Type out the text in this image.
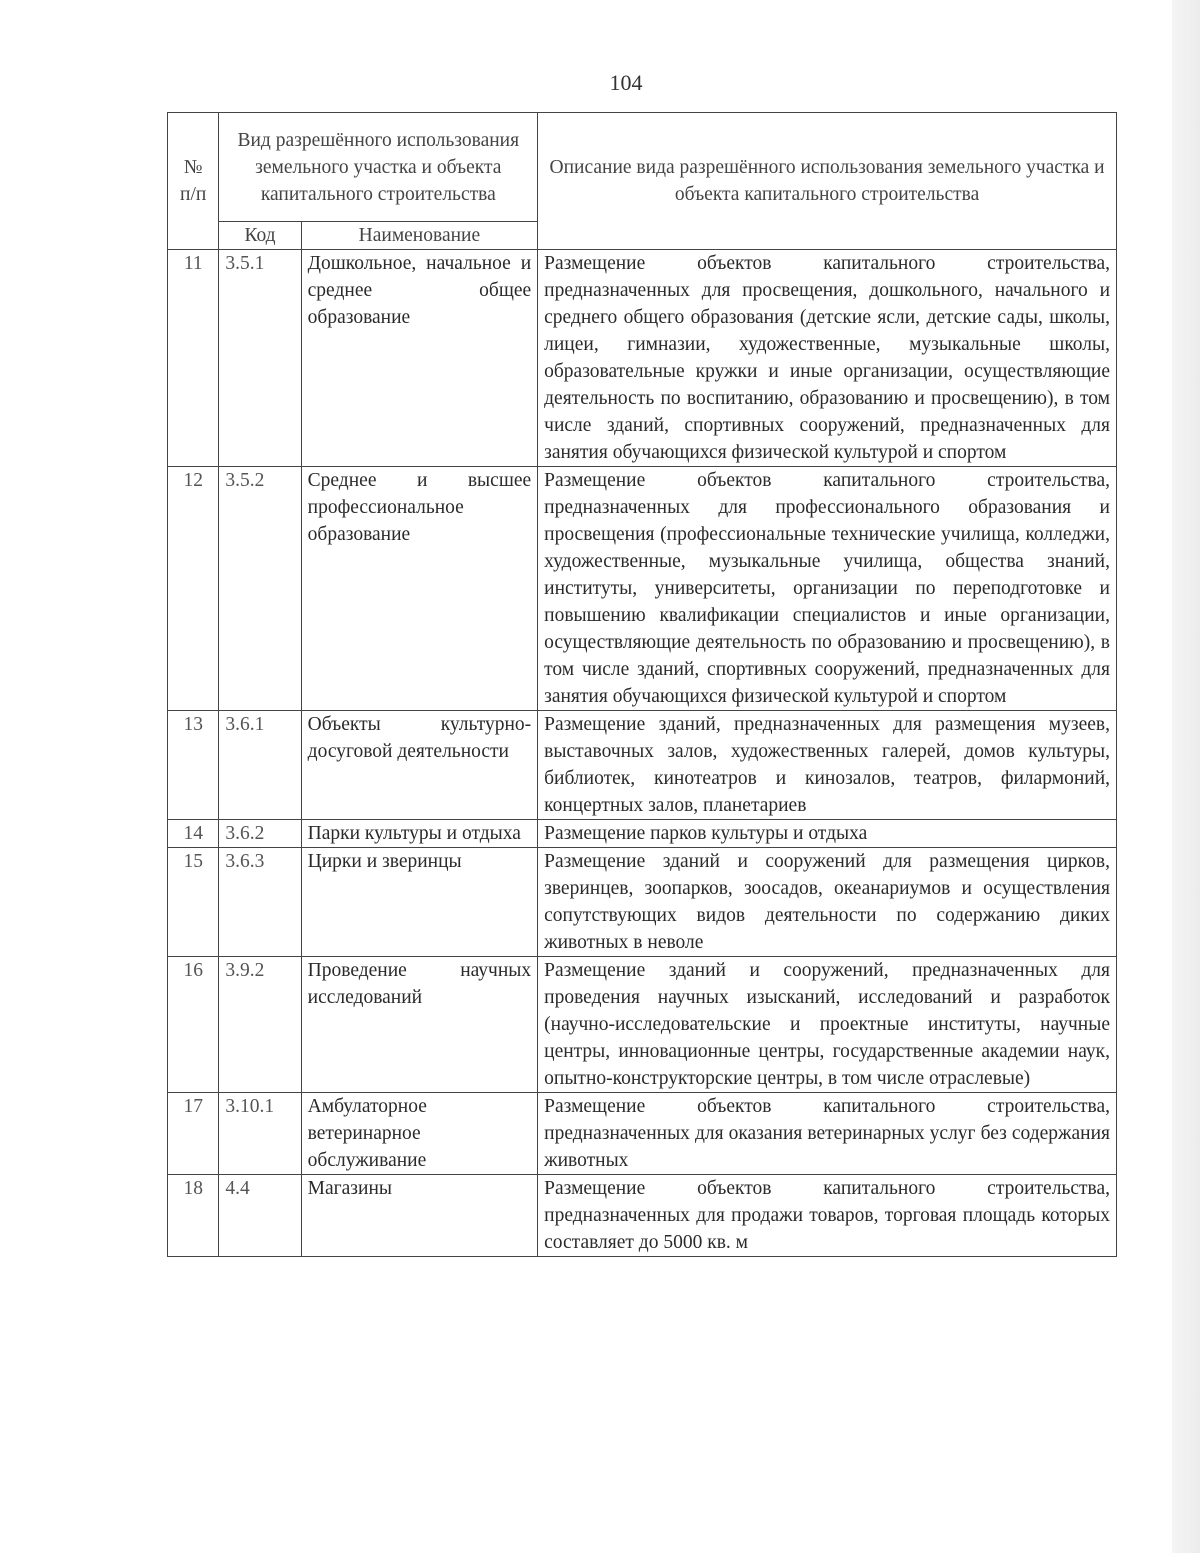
104
№ п/п	Вид разрешённого использования земельного участка и объекта капитального строительства		Описание вида разрешённого использования земельного участка и объекта капитального строительства
	Код	Наименование	
11	3.5.1	Дошкольное, начальное и среднее общее образование	Размещение объектов капитального строительства, предназначенных для просвещения, дошкольного, начального и среднего общего образования (детские ясли, детские сады, школы, лицеи, гимназии, художественные, музыкальные школы, образовательные кружки и иные организации, осуществляющие деятельность по воспитанию, образованию и просвещению), в том числе зданий, спортивных сооружений, предназначенных для занятия обучающихся физической культурой и спортом
12	3.5.2	Среднее и высшее профессиональное образование	Размещение объектов капитального строительства, предназначенных для профессионального образования и просвещения (профессиональные технические училища, колледжи, художественные, музыкальные училища, общества знаний, институты, университеты, организации по переподготовке и повышению квалификации специалистов и иные организации, осуществляющие деятельность по образованию и просвещению), в том числе зданий, спортивных сооружений, предназначенных для занятия обучающихся физической культурой и спортом
13	3.6.1	Объекты культурно-досуговой деятельности	Размещение зданий, предназначенных для размещения музеев, выставочных залов, художественных галерей, домов культуры, библиотек, кинотеатров и кинозалов, театров, филармоний, концертных залов, планетариев
14	3.6.2	Парки культуры и отдыха	Размещение парков культуры и отдыха
15	3.6.3	Цирки и зверинцы	Размещение зданий и сооружений для размещения цирков, зверинцев, зоопарков, зоосадов, океанариумов и осуществления сопутствующих видов деятельности по содержанию диких животных в неволе
16	3.9.2	Проведение научных исследований	Размещение зданий и сооружений, предназначенных для проведения научных изысканий, исследований и разработок (научно-исследовательские и проектные институты, научные центры, инновационные центры, государственные академии наук, опытно-конструкторские центры, в том числе отраслевые)
17	3.10.1	Амбулаторное ветеринарное обслуживание	Размещение объектов капитального строительства, предназначенных для оказания ветеринарных услуг без содержания животных
18	4.4	Магазины	Размещение объектов капитального строительства, предназначенных для продажи товаров, торговая площадь которых составляет до 5000 кв. м
